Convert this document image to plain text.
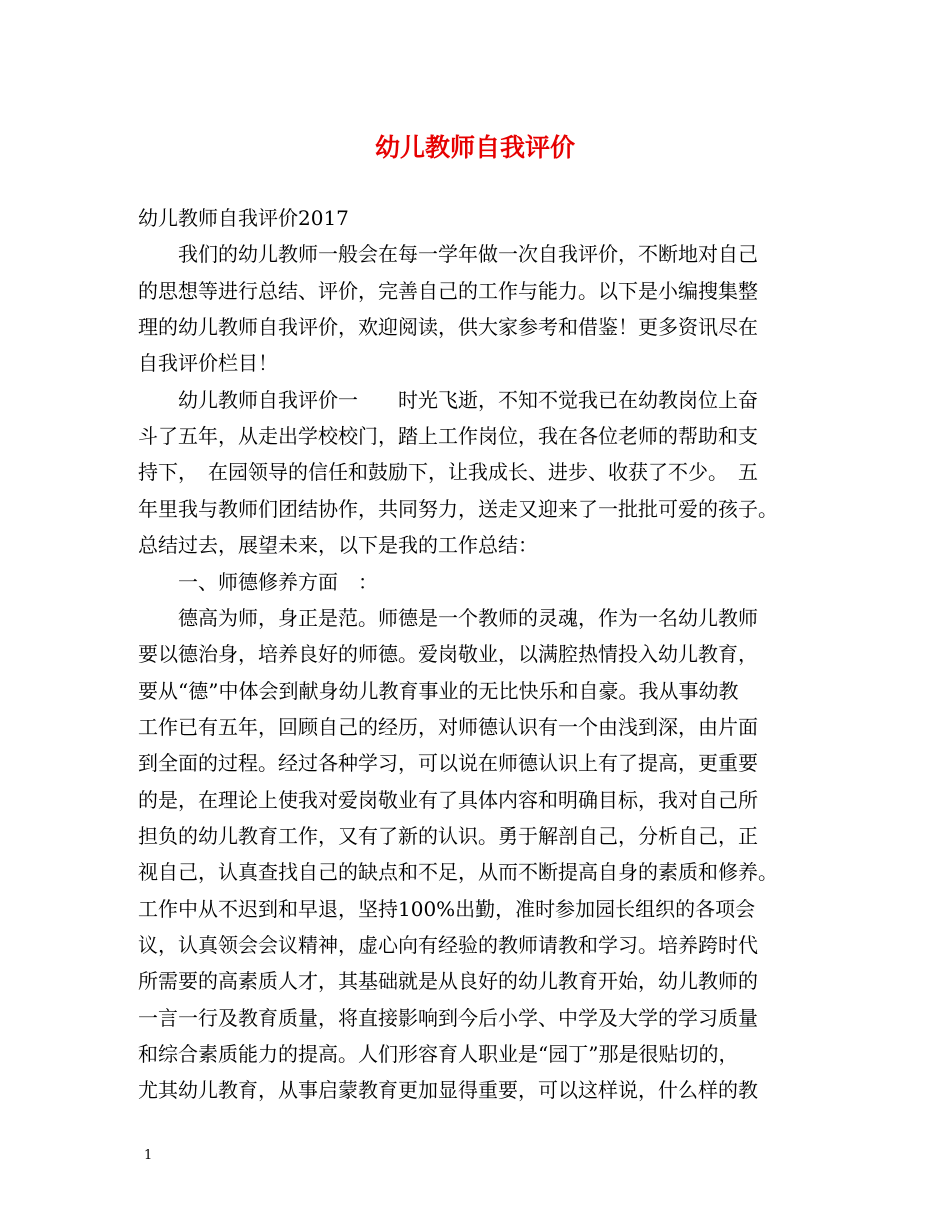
幼儿教师自我评价

幼儿教师自我评价2017

　　我们的幼儿教师一般会在每一学年做一次自我评价，不断地对自己

的思想等进行总结、评价，完善自己的工作与能力。以下是小编搜集整

理的幼儿教师自我评价，欢迎阅读，供大家参考和借鉴！更多资讯尽在

自我评价栏目！

　　幼儿教师自我评价一　　时光飞逝，不知不觉我已在幼教岗位上奋

斗了五年，从走出学校校门，踏上工作岗位，我在各位老师的帮助和支

持下，　在园领导的信任和鼓励下，让我成长、进步、收获了不少。　五

年里我与教师们团结协作，共同努力，送走又迎来了一批批可爱的孩子。

总结过去，展望未来，以下是我的工作总结：

　　一、师德修养方面　：

　　德高为师，身正是范。师德是一个教师的灵魂，作为一名幼儿教师

要以德治身，培养良好的师德。爱岗敬业，以满腔热情投入幼儿教育，

要从“德”中体会到献身幼儿教育事业的无比快乐和自豪。我从事幼教

工作已有五年，回顾自己的经历，对师德认识有一个由浅到深，由片面

到全面的过程。经过各种学习，可以说在师德认识上有了提高，更重要

的是，在理论上使我对爱岗敬业有了具体内容和明确目标，我对自己所

担负的幼儿教育工作，又有了新的认识。勇于解剖自己，分析自己，正

视自己，认真查找自己的缺点和不足，从而不断提高自身的素质和修养。

工作中从不迟到和早退，坚持100%出勤，准时参加园长组织的各项会

议，认真领会会议精神，虚心向有经验的教师请教和学习。培养跨时代

所需要的高素质人才，其基础就是从良好的幼儿教育开始，幼儿教师的

一言一行及教育质量，将直接影响到今后小学、中学及大学的学习质量

和综合素质能力的提高。人们形容育人职业是“园丁”那是很贴切的，

尤其幼儿教育，从事启蒙教育更加显得重要，可以这样说，什么样的教

1
